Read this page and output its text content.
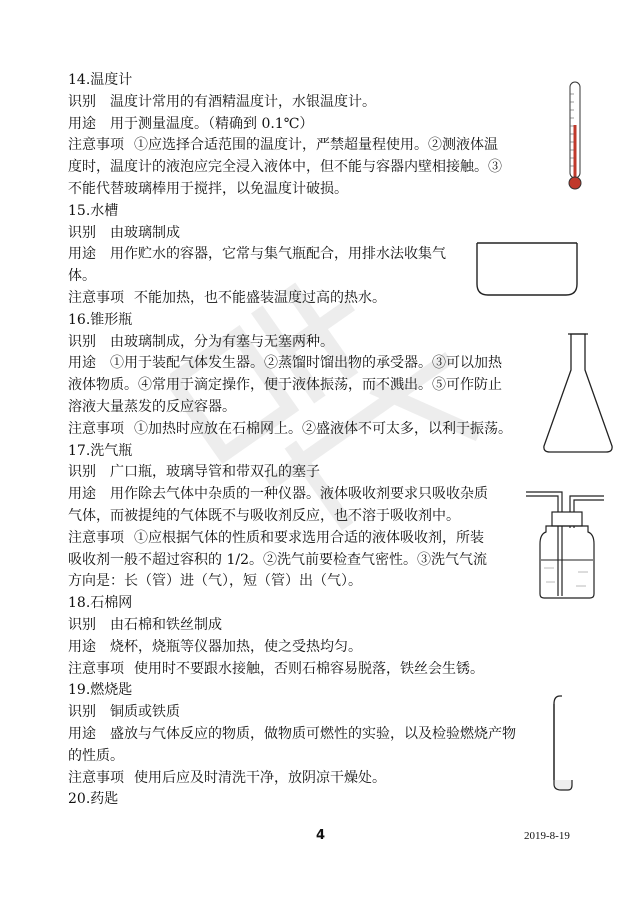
14.温度计
识别 温度计常用的有酒精温度计，水银温度计。
用途 用于测量温度。（精确到 0.1℃）
注意事项 ①应选择合适范围的温度计，严禁超量程使用。②测液体温
度时，温度计的液泡应完全浸入液体中，但不能与容器内壁相接触。③
不能代替玻璃棒用于搅拌，以免温度计破损。
15.水槽
识别 由玻璃制成
用途 用作贮水的容器，它常与集气瓶配合，用排水法收集气
体。
注意事项 不能加热，也不能盛装温度过高的热水。
16.锥形瓶
识别 由玻璃制成，分为有塞与无塞两种。
用途 ①用于装配气体发生器。②蒸馏时馏出物的承受器。③可以加热
液体物质。④常用于滴定操作，便于液体振荡，而不溅出。⑤可作防止
溶液大量蒸发的反应容器。
注意事项 ①加热时应放在石棉网上。②盛液体不可太多，以利于振荡。
17.洗气瓶
识别 广口瓶，玻璃导管和带双孔的塞子
用途 用作除去气体中杂质的一种仪器。液体吸收剂要求只吸收杂质
气体，而被提纯的气体既不与吸收剂反应，也不溶于吸收剂中。
注意事项 ①应根据气体的性质和要求选用合适的液体吸收剂，所装
吸收剂一般不超过容积的 1/2。②洗气前要检查气密性。③洗气气流
方向是：长（管）进（气），短（管）出（气）。
18.石棉网
识别 由石棉和铁丝制成
用途 烧杯，烧瓶等仪器加热，使之受热均匀。
注意事项 使用时不要跟水接触，否则石棉容易脱落，铁丝会生锈。
19.燃烧匙
识别 铜质或铁质
用途 盛放与气体反应的物质，做物质可燃性的实验，以及检验燃烧产物
的性质。
注意事项 使用后应及时清洗干净，放阴凉干燥处。
20.药匙
4	2019-8-19
